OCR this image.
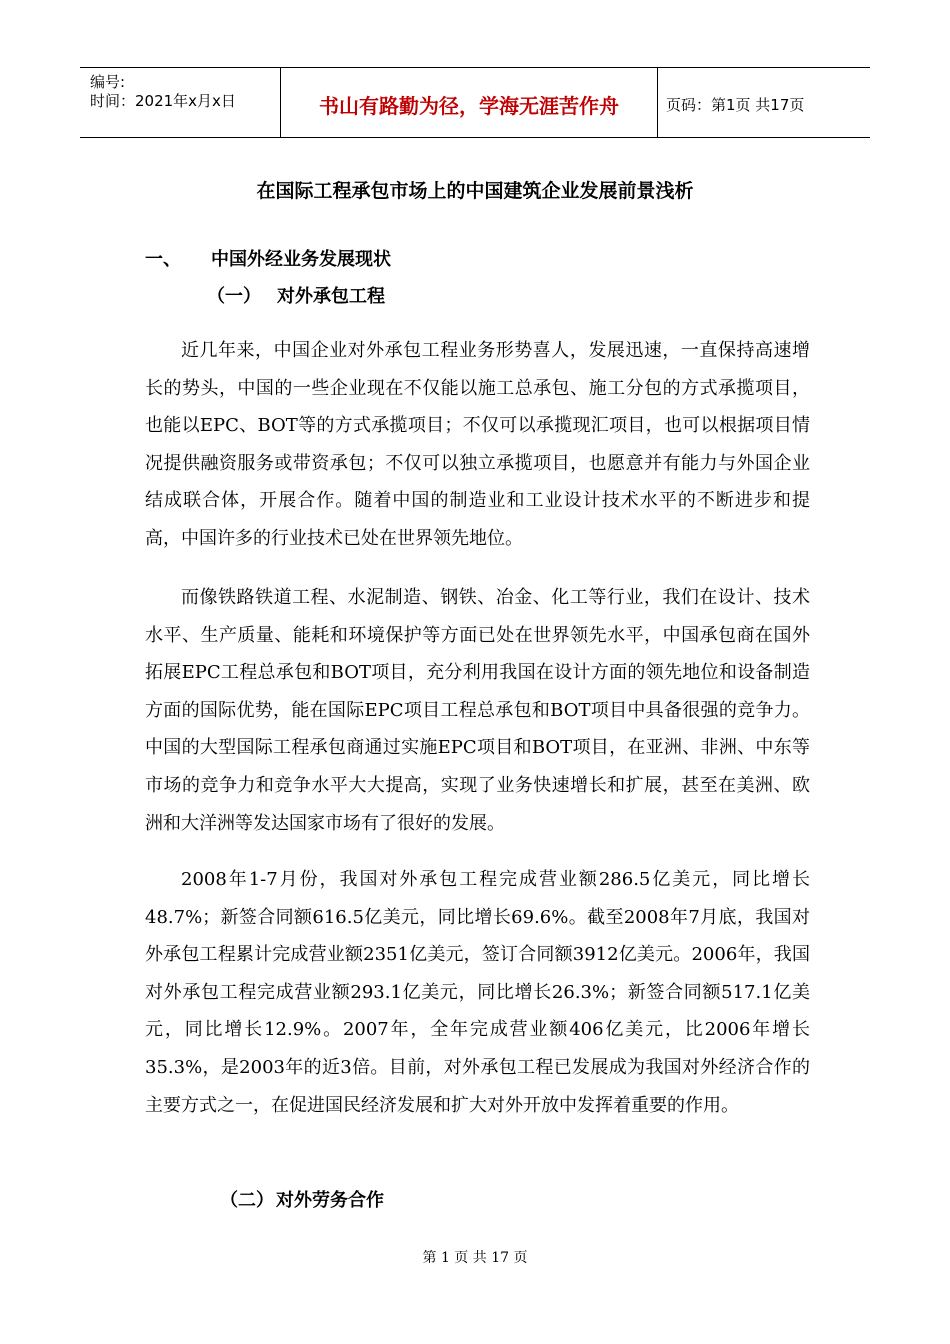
编号:
时间：2021年x月x日	书山有路勤为径，学海无涯苦作舟	页码：第1页 共17页
在国际工程承包市场上的中国建筑企业发展前景浅析
一、 中国外经业务发展现状
（一） 对外承包工程

近几年来，中国企业对外承包工程业务形势喜人，发展迅速，一直保持高速增长的势头，中国的一些企业现在不仅能以施工总承包、施工分包的方式承揽项目，也能以EPC、BOT等的方式承揽项目；不仅可以承揽现汇项目，也可以根据项目情况提供融资服务或带资承包；不仅可以独立承揽项目，也愿意并有能力与外国企业结成联合体，开展合作。随着中国的制造业和工业设计技术水平的不断进步和提高，中国许多的行业技术已处在世界领先地位。

而像铁路铁道工程、水泥制造、钢铁、冶金、化工等行业，我们在设计、技术水平、生产质量、能耗和环境保护等方面已处在世界领先水平，中国承包商在国外拓展EPC工程总承包和BOT项目，充分利用我国在设计方面的领先地位和设备制造方面的国际优势，能在国际EPC项目工程总承包和BOT项目中具备很强的竞争力。中国的大型国际工程承包商通过实施EPC项目和BOT项目，在亚洲、非洲、中东等市场的竞争力和竞争水平大大提高，实现了业务快速增长和扩展，甚至在美洲、欧洲和大洋洲等发达国家市场有了很好的发展。

2008年1-7月份，我国对外承包工程完成营业额286.5亿美元，同比增长48.7%；新签合同额616.5亿美元，同比增长69.6%。截至2008年7月底，我国对外承包工程累计完成营业额2351亿美元，签订合同额3912亿美元。2006年，我国对外承包工程完成营业额293.1亿美元，同比增长26.3%；新签合同额517.1亿美元，同比增长12.9%。2007年，全年完成营业额406亿美元，比2006年增长35.3%，是2003年的近3倍。目前，对外承包工程已发展成为我国对外经济合作的主要方式之一，在促进国民经济发展和扩大对外开放中发挥着重要的作用。

（二） 对外劳务合作
第 1 页 共 17 页
